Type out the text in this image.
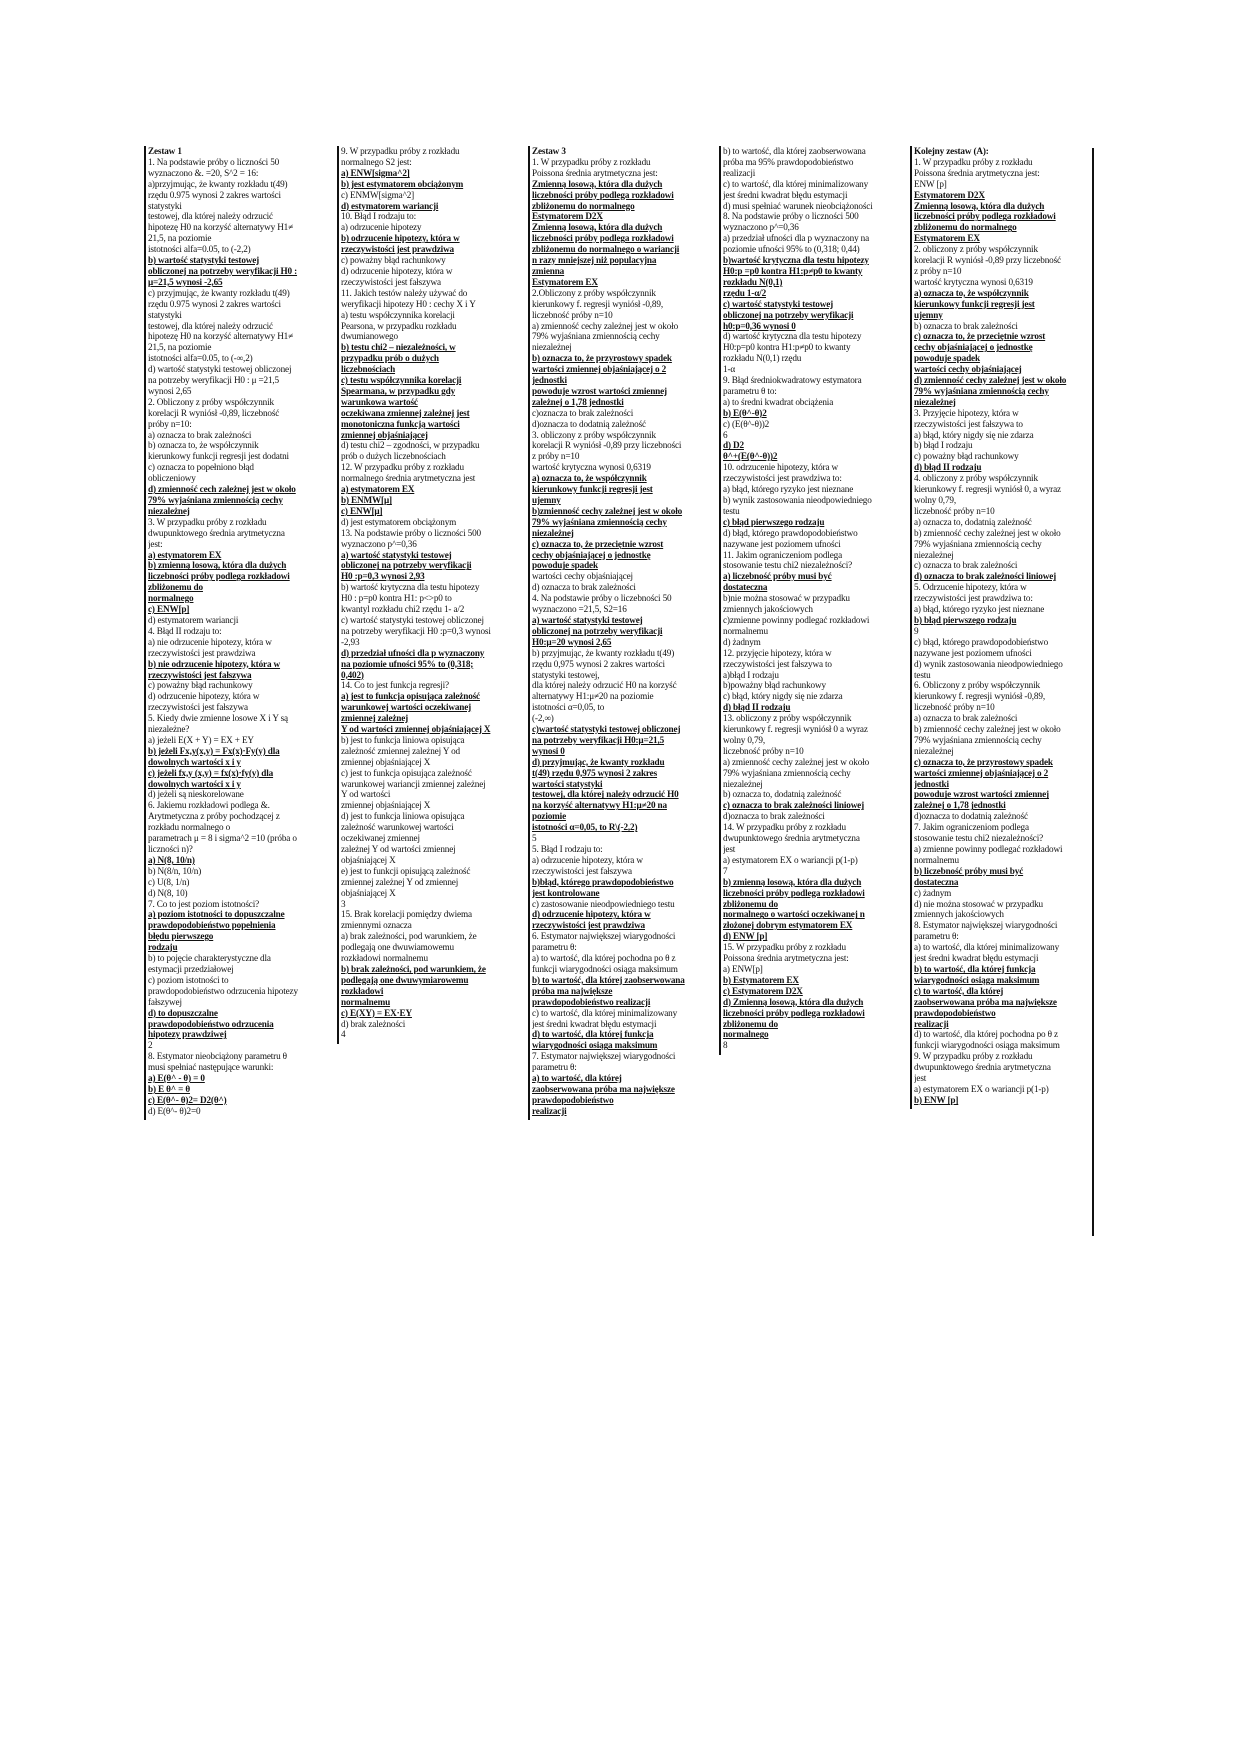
Zestaw 1
1. Na podstawie próby o liczności 50
wyznaczono &. =20, S^2 = 16:
a)przyjmując, że kwanty rozkładu t(49)
rzędu 0.975 wynosi 2 zakres wartości
statystyki
testowej, dla której należy odrzucić
hipotezę H0 na korzyść alternatywy H1≠
21,5, na poziomie
istotności alfa=0.05, to (-2,2)
b) wartość statystyki testowej
obliczonej na potrzeby weryfikacji H0 :
μ=21,5 wynosi -2,65
c) przyjmując, że kwanty rozkładu t(49)
rzędu 0.975 wynosi 2 zakres wartości
statystyki
testowej, dla której należy odrzucić
hipotezę H0 na korzyść alternatywy H1≠
21,5, na poziomie
istotności alfa=0.05, to (-∞,2)
d) wartość statystyki testowej obliczonej
na potrzeby weryfikacji H0 : μ =21,5
wynosi 2,65
2. Obliczony z próby współczynnik
korelacji R wyniósł -0,89, liczebność
próby n=10:
a) oznacza to brak zależności
b) oznacza to, że współczynnik
kierunkowy funkcji regresji jest dodatni
c) oznacza to popełniono błąd
obliczeniowy
d) zmienność cech zależnej jest w około
79% wyjaśniana zmiennością cechy
niezależnej
3. W przypadku próby z rozkładu
dwupunktowego średnia arytmetyczna
jest:
a) estymatorem EX
b) zmienną losową, która dla dużych
liczebności próby podlega rozkładowi
zbliżonemu do
normalnego
c) ENW[p]
d) estymatorem wariancji
4. Błąd II rodzaju to:
a) nie odrzucenie hipotezy, która w
rzeczywistości jest prawdziwa
b) nie odrzucenie hipotezy, która w
rzeczywistości jest fałszywa
c) poważny błąd rachunkowy
d) odrzucenie hipotezy, która w
rzeczywistości jest fałszywa
5. Kiedy dwie zmienne losowe X i Y są
niezależne?
a) jeżeli E(X + Y) = EX + EY
b) jeżeli Fx,y(x,y) = Fx(x)·Fy(y) dla
dowolnych wartości x i y
c) jeżeli fx,y (x,y) = fx(x)·fy(y) dla
dowolnych wartości x i y
d) jeżeli są nieskorelowane
6. Jakiemu rozkładowi podlega &.
Arytmetyczna z próby pochodzącej z
rozkładu normalnego o
parametrach μ = 8 i sigma^2 =10 (próba o
liczności n)?
a) N(8, 10/n)
b) N(8/n, 10/n)
c) U(8, 1/n)
d) N(8, 10)
7. Co to jest poziom istotności?
a) poziom istotności to dopuszczalne
prawdopodobieństwo popełnienia
błędu pierwszego
rodzaju
b) to pojęcie charakterystyczne dla
estymacji przedziałowej
c) poziom istotności to
prawdopodobieństwo odrzucenia hipotezy
fałszywej
d) to dopuszczalne
prawdopodobieństwo odrzucenia
hipotezy prawdziwej
2
8. Estymator nieobciążony parametru θ
musi spełniać następujące warunki:
a) E(θ^ - θ) = 0
b) E θ^ = θ
c) E(θ^- θ)2= D2(θ^)
d) E(θ^- θ)2=0
9. W przypadku próby z rozkładu
normalnego S2 jest:
a) ENW[sigma^2]
b) jest estymatorem obciążonym
c) ENMW[sigma^2]
d) estymatorem wariancji
10. Błąd I rodzaju to:
a) odrzucenie hipotezy
b) odrzucenie hipotezy, która w
rzeczywistości jest prawdziwa
c) poważny błąd rachunkowy
d) odrzucenie hipotezy, która w
rzeczywistości jest fałszywa
11. Jakich testów należy używać do
weryfikacji hipotezy H0 : cechy X i Y
a) testu współczynnika korelacji
Pearsona, w przypadku rozkładu
dwumianowego
b) testu chi2 – niezależności, w
przypadku prób o dużych
liczebnościach
c) testu współczynnika korelacji
Spearmana, w przypadku gdy
warunkowa wartość
oczekiwana zmiennej zależnej jest
monotoniczna funkcją wartości
zmiennej objaśniającej
d) testu chi2 – zgodności, w przypadku
prób o dużych liczebnościach
12. W przypadku próby z rozkładu
normalnego średnia arytmetyczna jest
a) estymatorem EX
b) ENMW[μ]
c) ENW[μ]
d) jest estymatorem obciążonym
13. Na podstawie próby o liczności 500
wyznaczono p^=0,36
a) wartość statystyki testowej
obliczonej na potrzeby weryfikacji
H0 :p=0,3 wynosi 2,93
b) wartość krytyczna dla testu hipotezy
H0 : p=p0 kontra H1: p<>p0 to
kwantyl rozkładu chi2 rzędu 1- a/2
c) wartość statystyki testowej obliczonej
na potrzeby weryfikacji H0 :p=0,3 wynosi
-2,93
d) przedział ufności dla p wyznaczony
na poziomie ufności 95% to (0,318;
0,402)
14. Co to jest funkcja regresji?
a) jest to funkcja opisująca zależność
warunkowej wartości oczekiwanej
zmiennej zależnej
Y od wartości zmiennej objaśniającej X
b) jest to funkcja liniowa opisująca
zależność zmiennej zależnej Y od
zmiennej objaśniającej X
c) jest to funkcja opisująca zależność
warunkowej wariancji zmiennej zależnej
Y od wartości
zmiennej objaśniającej X
d) jest to funkcja liniowa opisująca
zależność warunkowej wartości
oczekiwanej zmiennej
zależnej Y od wartości zmiennej
objaśniającej X
e) jest to funkcji opisującą zależność
zmiennej zależnej Y od zmiennej
objaśniającej X
3
15. Brak korelacji pomiędzy dwiema
zmiennymi oznacza
a) brak zależności, pod warunkiem, że
podlegają one dwuwiamowemu
rozkładowi normalnemu
b) brak zależności, pod warunkiem, że
podlegają one dwuwymiarowemu
rozkładowi
normalnemu
c) E(XY) = EX·EY
d) brak zależności
4
Zestaw 3
1. W przypadku próby z rozkładu
Poissona średnia arytmetyczna jest:
Zmienną losową, która dla dużych
liczebności próby podlega rozkładowi
zbliżonemu do normalnego
Estymatorem D2X
Zmienną losową, która dla dużych
liczebności próby podlega rozkładowi
zbliżonemu do normalnego o wariancji
n razy mniejszej niż populacyjna
zmienna
Estymatorem EX
2.Obliczony z próby współczynnik
kierunkowy f. regresji wyniósł -0,89,
liczebność próby n=10
a) zmienność cechy zależnej jest w około
79% wyjaśniana zmiennością cechy
niezależnej
b) oznacza to, że przyrostowy spadek
wartości zmiennej objaśniającej o 2
jednostki
powoduje wzrost wartości zmiennej
zależnej o 1,78 jednostki
c)oznacza to brak zależności
d)oznacza to dodatnią zależność
3. obliczony z próby współczynnik
korelacji R wyniósł -0,89 przy liczebności
z próby n=10
wartość krytyczna wynosi 0,6319
a) oznacza to, że współczynnik
kierunkowy funkcji regresji jest
ujemny
b)zmienność cechy zależnej jest w około
79% wyjaśniana zmiennością cechy
niezależnej
c) oznacza to, że przeciętnie wzrost
cechy objaśniającej o jednostkę
powoduje spadek
wartości cechy objaśniającej
d) oznacza to brak zależności
4. Na podstawie próby o liczebności 50
wyznaczono =21,5, S2=16
a) wartość statystyki testowej
obliczonej na potrzeby weryfikacji
H0:μ=20 wynosi 2,65
b) przyjmując, że kwanty rozkładu t(49)
rzędu 0,975 wynosi 2 zakres wartości
statystyki testowej,
dla której należy odrzucić H0 na korzyść
alternatywy H1:μ≠20 na poziomie
istotności α=0,05, to
(-2,∞)
c)wartość statystyki testowej obliczonej
na potrzeby weryfikacji H0:μ=21,5
wynosi 0
d) przyjmując, że kwanty rozkładu
t(49) rzędu 0,975 wynosi 2 zakres
wartości statystyki
testowej, dla której należy odrzucić H0
na korzyść alternatywy H1:μ≠20 na
poziomie
istotności α=0,05, to R\(-2,2)
5
5. Błąd I rodzaju to:
a) odrzucenie hipotezy, która w
rzeczywistości jest fałszywa
b)błąd, którego prawdopodobieństwo
jest kontrolowane
c) zastosowanie nieodpowiedniego testu
d) odrzucenie hipotezy, która w
rzeczywistości jest prawdziwa
6. Estymator największej wiarygodności
parametru θ:
a) to wartość, dla której pochodna po θ z
funkcji wiarygodności osiąga maksimum
b) to wartość, dla której zaobserwowana
próba ma największe
prawdopodobieństwo realizacji
c) to wartość, dla której minimalizowany
jest średni kwadrat błędu estymacji
d) to wartość, dla której funkcja
wiarygodności osiąga maksimum
7. Estymator największej wiarygodności
parametru θ:
a) to wartość, dla której
zaobserwowana próba ma największe
prawdopodobieństwo
realizacji
b) to wartość, dla której zaobserwowana
próba ma 95% prawdopodobieństwo
realizacji
c) to wartość, dla której minimalizowany
jest średni kwadrat błędu estymacji
d) musi spełniać warunek nieobciążoności
8. Na podstawie próby o liczności 500
wyznaczono p^=0,36
a) przedział ufności dla p wyznaczony na
poziomie ufności 95% to (0,318; 0,44)
b)wartość krytyczna dla testu hipotezy
H0:p =p0 kontra H1:p≠p0 to kwanty
rozkładu N(0,1)
rzędu 1-α/2
c) wartość statystyki testowej
obliczonej na potrzeby weryfikacji
h0:p=0,36 wynosi 0
d) wartość krytyczna dla testu hipotezy
H0:p=p0 kontra H1:p≠p0 to kwanty
rozkładu N(0,1) rzędu
1-α
9. Błąd średniokwadratowy estymatora
parametru θ to:
a) to średni kwadrat obciążenia
b) E(θ^-θ)2
c) (E(θ^-θ))2
6
d) D2
θ^+(E(θ^-θ))2
10. odrzucenie hipotezy, która w
rzeczywistości jest prawdziwa to:
a) błąd, którego ryzyko jest nieznane
b) wynik zastosowania nieodpowiedniego
testu
c) błąd pierwszego rodzaju
d) błąd, którego prawdopodobieństwo
nazywane jest poziomem ufności
11. Jakim ograniczeniom podlega
stosowanie testu chi2 niezależności?
a) liczebność próby musi być
dostateczna
b)nie można stosować w przypadku
zmiennych jakościowych
c)zmienne powinny podlegać rozkładowi
normalnemu
d) żadnym
12. przyjęcie hipotezy, która w
rzeczywistości jest fałszywa to
a)błąd I rodzaju
b)poważny błąd rachunkowy
c) błąd, który nigdy się nie zdarza
d) błąd II rodzaju
13. obliczony z próby współczynnik
kierunkowy f. regresji wyniósł 0 a wyraz
wolny 0,79,
liczebność próby n=10
a) zmienność cechy zależnej jest w około
79% wyjaśniana zmiennością cechy
niezależnej
b) oznacza to, dodatnią zależność
c) oznacza to brak zależności liniowej
d)oznacza to brak zależności
14. W przypadku próby z rozkładu
dwupunktowego średnia arytmetyczna
jest
a) estymatorem EX o wariancji p(1-p)
7
b) zmienną losową, która dla dużych
liczebności próby podlega rozkładowi
zbliżonemu do
normalnego o wartości oczekiwanej n
złożonej dobrym estymatorem EX
d) ENW [p]
15. W przypadku próby z rozkładu
Poissona średnia arytmetyczna jest:
a) ENW[p]
b) Estymatorem EX
c) Estymatorem D2X
d) Zmienną losową, która dla dużych
liczebności próby podlega rozkładowi
zbliżonemu do
normalnego
8
Kolejny zestaw (A):
1. W przypadku próby z rozkładu
Poissona średnia arytmetyczna jest:
ENW [p]
Estymatorem D2X
Zmienną losową, która dla dużych
liczebności próby podlega rozkładowi
zbliżonemu do normalnego
Estymatorem EX
2. obliczony z próby współczynnik
korelacji R wyniósł -0,89 przy liczebność
z próby n=10
wartość krytyczna wynosi 0,6319
a) oznacza to, że współczynnik
kierunkowy funkcji regresji jest
ujemny
b) oznacza to brak zależności
c) oznacza to, że przeciętnie wzrost
cechy objaśniającej o jednostkę
powoduje spadek
wartości cechy objaśniającej
d) zmienność cechy zależnej jest w około
79% wyjaśniana zmiennością cechy
niezależnej
3. Przyjęcie hipotezy, która w
rzeczywistości jest fałszywa to
a) błąd, który nigdy się nie zdarza
b) błąd I rodzaju
c) poważny błąd rachunkowy
d) błąd II rodzaju
4. obliczony z próby współczynnik
kierunkowy f. regresji wyniósł 0, a wyraz
wolny 0,79,
liczebność próby n=10
a) oznacza to, dodatnią zależność
b) zmienność cechy zależnej jest w około
79% wyjaśniana zmiennością cechy
niezależnej
c) oznacza to brak zależności
d) oznacza to brak zależności liniowej
5. Odrzucenie hipotezy, która w
rzeczywistości jest prawdziwa to:
a) błąd, którego ryzyko jest nieznane
b) błąd pierwszego rodzaju
9
c) błąd, którego prawdopodobieństwo
nazywane jest poziomem ufności
d) wynik zastosowania nieodpowiedniego
testu
6. Obliczony z próby współczynnik
kierunkowy f. regresji wyniósł -0,89,
liczebność próby n=10
a) oznacza to brak zależności
b) zmienność cechy zależnej jest w około
79% wyjaśniana zmiennością cechy
niezależnej
c) oznacza to, że przyrostowy spadek
wartości zmiennej objaśniającej o 2
jednostki
powoduje wzrost wartości zmiennej
zależnej o 1,78 jednostki
d)oznacza to dodatnią zależność
7. Jakim ograniczeniom podlega
stosowanie testu chi2 niezależności?
a) zmienne powinny podlegać rozkładowi
normalnemu
b) liczebność próby musi być
dostateczna
c) żadnym
d) nie można stosować w przypadku
zmiennych jakościowych
8. Estymator największej wiarygodności
parametru θ:
a) to wartość, dla której minimalizowany
jest średni kwadrat błędu estymacji
b) to wartość, dla której funkcja
wiarygodności osiąga maksimum
c) to wartość, dla której
zaobserwowana próba ma największe
prawdopodobieństwo
realizacji
d) to wartość, dla której pochodna po θ z
funkcji wiarygodności osiąga maksimum
9. W przypadku próby z rozkładu
dwupunktowego średnia arytmetyczna
jest
a) estymatorem EX o wariancji p(1-p)
b) ENW [p]
